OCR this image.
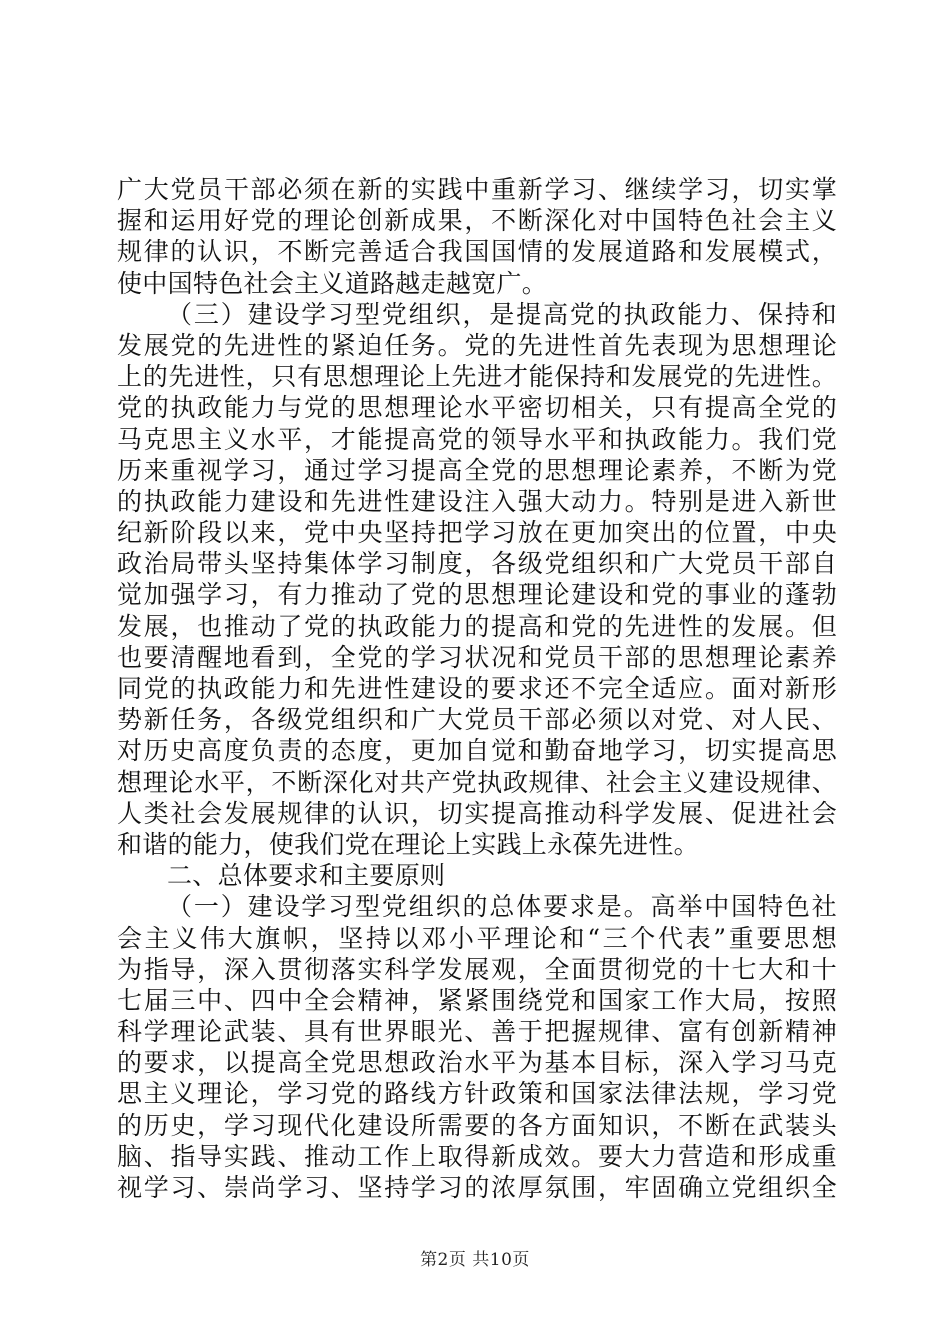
广大党员干部必须在新的实践中重新学习、继续学习，切实掌
握和运用好党的理论创新成果，不断深化对中国特色社会主义
规律的认识，不断完善适合我国国情的发展道路和发展模式，
使中国特色社会主义道路越走越宽广。
（三）建设学习型党组织，是提高党的执政能力、保持和
发展党的先进性的紧迫任务。党的先进性首先表现为思想理论
上的先进性，只有思想理论上先进才能保持和发展党的先进性。
党的执政能力与党的思想理论水平密切相关，只有提高全党的
马克思主义水平，才能提高党的领导水平和执政能力。我们党
历来重视学习，通过学习提高全党的思想理论素养，不断为党
的执政能力建设和先进性建设注入强大动力。特别是进入新世
纪新阶段以来，党中央坚持把学习放在更加突出的位置，中央
政治局带头坚持集体学习制度，各级党组织和广大党员干部自
觉加强学习，有力推动了党的思想理论建设和党的事业的蓬勃
发展，也推动了党的执政能力的提高和党的先进性的发展。但
也要清醒地看到，全党的学习状况和党员干部的思想理论素养
同党的执政能力和先进性建设的要求还不完全适应。面对新形
势新任务，各级党组织和广大党员干部必须以对党、对人民、
对历史高度负责的态度，更加自觉和勤奋地学习，切实提高思
想理论水平，不断深化对共产党执政规律、社会主义建设规律、
人类社会发展规律的认识，切实提高推动科学发展、促进社会
和谐的能力，使我们党在理论上实践上永葆先进性。
二、总体要求和主要原则
（一）建设学习型党组织的总体要求是。高举中国特色社
会主义伟大旗帜，坚持以邓小平理论和“三个代表”重要思想
为指导，深入贯彻落实科学发展观，全面贯彻党的十七大和十
七届三中、四中全会精神，紧紧围绕党和国家工作大局，按照
科学理论武装、具有世界眼光、善于把握规律、富有创新精神
的要求，以提高全党思想政治水平为基本目标，深入学习马克
思主义理论，学习党的路线方针政策和国家法律法规，学习党
的历史，学习现代化建设所需要的各方面知识，不断在武装头
脑、指导实践、推动工作上取得新成效。要大力营造和形成重
视学习、崇尚学习、坚持学习的浓厚氛围，牢固确立党组织全
第2页 共10页
